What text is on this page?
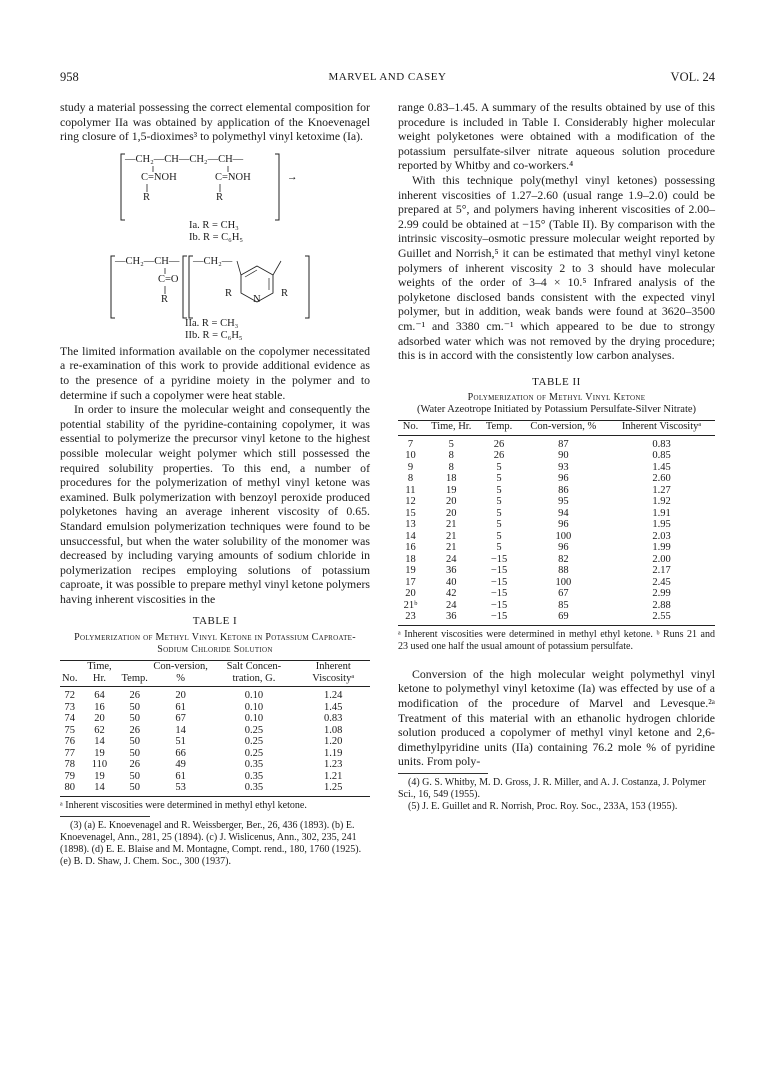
958	MARVEL AND CASEY	VOL. 24

study a material possessing the correct elemental composition for copolymer IIa was obtained by application of the Knoevenagel ring closure of 1,5-dioximes³ to polymethyl vinyl ketoxime (Ia).

—CH₂—CH—CH₂—CH—
C=NOH	C=NOH
R	R
→
Ia. R = CH₃
Ib. R = C₆H₅
—CH₂—CH— —CH₂—
C=O
R
R
N
R
IIa. R = CH₃
IIb. R = C₆H₅

The limited information available on the copolymer necessitated a re-examination of this work to provide additional evidence as to the presence of a pyridine moiety in the polymer and to determine if such a copolymer were heat stable.

In order to insure the molecular weight and consequently the potential stability of the pyridine-containing copolymer, it was essential to polymerize the precursor vinyl ketone to the highest possible molecular weight polymer which still possessed the required solubility properties. To this end, a number of procedures for the polymerization of methyl vinyl ketone was examined. Bulk polymerization with benzoyl peroxide produced polyketones having an average inherent viscosity of 0.65. Standard emulsion polymerization techniques were found to be unsuccessful, but when the water solubility of the monomer was decreased by including varying amounts of sodium chloride in polymerization recipes employing solutions of potassium caproate, it was possible to prepare methyl vinyl ketone polymers having inherent viscosities in the

TABLE I
Polymerization of Methyl Vinyl Ketone in Potassium Caproate-Sodium Chloride Solution
No.	Time, Hr.	Temp.	Con-version, %	Salt Concen-tration, G.	Inherent Viscosityᵃ
72	64	26	20	0.10	1.24
73	16	50	61	0.10	1.45
74	20	50	67	0.10	0.83
75	62	26	14	0.25	1.08
76	14	50	51	0.25	1.20
77	19	50	66	0.25	1.19
78	110	26	49	0.35	1.23
79	19	50	61	0.35	1.21
80	14	50	53	0.35	1.25
ᵃ Inherent viscosities were determined in methyl ethyl ketone.
(3) (a) E. Knoevenagel and R. Weissberger, Ber., 26, 436 (1893). (b) E. Knoevenagel, Ann., 281, 25 (1894). (c) J. Wislicenus, Ann., 302, 235, 241 (1898). (d) E. E. Blaise and M. Montagne, Compt. rend., 180, 1760 (1925). (e) B. D. Shaw, J. Chem. Soc., 300 (1937).

range 0.83–1.45. A summary of the results obtained by use of this procedure is included in Table I. Considerably higher molecular weight polyketones were obtained with a modification of the potassium persulfate-silver nitrate aqueous solution procedure reported by Whitby and co-workers.⁴

With this technique poly(methyl vinyl ketones) possessing inherent viscosities of 1.27–2.60 (usual range 1.9–2.0) could be prepared at 5°, and polymers having inherent viscosities of 2.00–2.99 could be obtained at −15° (Table II). By comparison with the intrinsic viscosity–osmotic pressure molecular weight reported by Guillet and Norrish,⁵ it can be estimated that methyl vinyl ketone polymers of inherent viscosity 2 to 3 should have molecular weights of the order of 3–4 × 10.⁵ Infrared analysis of the polyketone disclosed bands consistent with the expected vinyl polymer, but in addition, weak bands were found at 3620–3500 cm.⁻¹ and 3380 cm.⁻¹ which appeared to be due to strongy adsorbed water which was not removed by the drying procedure; this is in accord with the consistently low carbon analyses.

TABLE II
Polymerization of Methyl Vinyl Ketone
(Water Azeotrope Initiated by Potassium Persulfate-Silver Nitrate)
No.	Time, Hr.	Temp.	Con-version, %	Inherent Viscosityᵃ
7	5	26	87	0.83
10	8	26	90	0.85
9	8	5	93	1.45
8	18	5	96	2.60
11	19	5	86	1.27
12	20	5	95	1.92
15	20	5	94	1.91
13	21	5	96	1.95
14	21	5	100	2.03
16	21	5	96	1.99
18	24	−15	82	2.00
19	36	−15	88	2.17
17	40	−15	100	2.45
20	42	−15	67	2.99
21ᵇ	24	−15	85	2.88
23	36	−15	69	2.55
ᵃ Inherent viscosities were determined in methyl ethyl ketone. ᵇ Runs 21 and 23 used one half the usual amount of potassium persulfate.

Conversion of the high molecular weight polymethyl vinyl ketone to polymethyl vinyl ketoxime (Ia) was effected by use of a modification of the procedure of Marvel and Levesque.²ᵃ Treatment of this material with an ethanolic hydrogen chloride solution produced a copolymer of methyl vinyl ketone and 2,6-dimethylpyridine units (IIa) containing 76.2 mole % of pyridine units. From poly-

(4) G. S. Whitby, M. D. Gross, J. R. Miller, and A. J. Costanza, J. Polymer Sci., 16, 549 (1955).
(5) J. E. Guillet and R. Norrish, Proc. Roy. Soc., 233A, 153 (1955).
